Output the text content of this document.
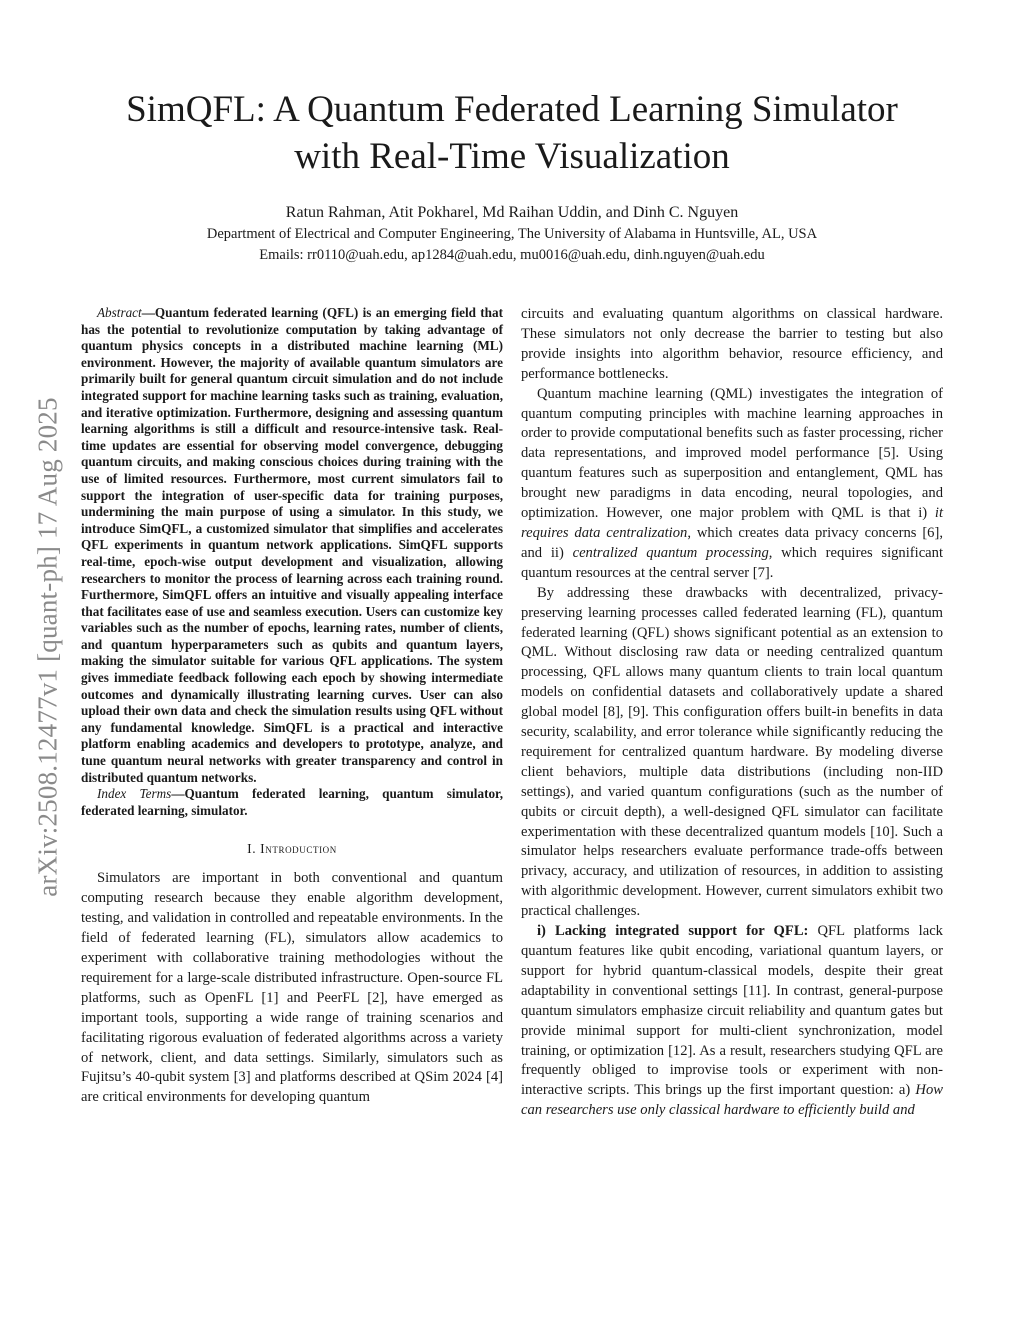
arXiv:2508.12477v1 [quant-ph] 17 Aug 2025
SimQFL: A Quantum Federated Learning Simulator
with Real-Time Visualization
Ratun Rahman, Atit Pokharel, Md Raihan Uddin, and Dinh C. Nguyen
Department of Electrical and Computer Engineering, The University of Alabama in Huntsville, AL, USA
Emails: rr0110@uah.edu, ap1284@uah.edu, mu0016@uah.edu, dinh.nguyen@uah.edu

Abstract—Quantum federated learning (QFL) is an emerging field that has the potential to revolutionize computation by taking advantage of quantum physics concepts in a distributed machine learning (ML) environment. However, the majority of available quantum simulators are primarily built for general quantum circuit simulation and do not include integrated support for machine learning tasks such as training, evaluation, and iterative optimization. Furthermore, designing and assessing quantum learning algorithms is still a difficult and resource-intensive task. Real-time updates are essential for observing model convergence, debugging quantum circuits, and making conscious choices during training with the use of limited resources. Furthermore, most current simulators fail to support the integration of user-specific data for training purposes, undermining the main purpose of using a simulator. In this study, we introduce SimQFL, a customized simulator that simplifies and accelerates QFL experiments in quantum network applications. SimQFL supports real-time, epoch-wise output development and visualization, allowing researchers to monitor the process of learning across each training round. Furthermore, SimQFL offers an intuitive and visually appealing interface that facilitates ease of use and seamless execution. Users can customize key variables such as the number of epochs, learning rates, number of clients, and quantum hyperparameters such as qubits and quantum layers, making the simulator suitable for various QFL applications. The system gives immediate feedback following each epoch by showing intermediate outcomes and dynamically illustrating learning curves. User can also upload their own data and check the simulation results using QFL without any fundamental knowledge. SimQFL is a practical and interactive platform enabling academics and developers to prototype, analyze, and tune quantum neural networks with greater transparency and control in distributed quantum networks.

Index Terms—Quantum federated learning, quantum simulator, federated learning, simulator.

I. Introduction

Simulators are important in both conventional and quantum computing research because they enable algorithm development, testing, and validation in controlled and repeatable environments. In the field of federated learning (FL), simulators allow academics to experiment with collaborative training methodologies without the requirement for a large-scale distributed infrastructure. Open-source FL platforms, such as OpenFL [1] and PeerFL [2], have emerged as important tools, supporting a wide range of training scenarios and facilitating rigorous evaluation of federated algorithms across a variety of network, client, and data settings. Similarly, simulators such as Fujitsu’s 40-qubit system [3] and platforms described at QSim 2024 [4] are critical environments for developing quantum

circuits and evaluating quantum algorithms on classical hardware. These simulators not only decrease the barrier to testing but also provide insights into algorithm behavior, resource efficiency, and performance bottlenecks.

Quantum machine learning (QML) investigates the integration of quantum computing principles with machine learning approaches in order to provide computational benefits such as faster processing, richer data representations, and improved model performance [5]. Using quantum features such as superposition and entanglement, QML has brought new paradigms in data encoding, neural topologies, and optimization. However, one major problem with QML is that i) it requires data centralization, which creates data privacy concerns [6], and ii) centralized quantum processing, which requires significant quantum resources at the central server [7].

By addressing these drawbacks with decentralized, privacy-preserving learning processes called federated learning (FL), quantum federated learning (QFL) shows significant potential as an extension to QML. Without disclosing raw data or needing centralized quantum processing, QFL allows many quantum clients to train local quantum models on confidential datasets and collaboratively update a shared global model [8], [9]. This configuration offers built-in benefits in data security, scalability, and error tolerance while significantly reducing the requirement for centralized quantum hardware. By modeling diverse client behaviors, multiple data distributions (including non-IID settings), and varied quantum configurations (such as the number of qubits or circuit depth), a well-designed QFL simulator can facilitate experimentation with these decentralized quantum models [10]. Such a simulator helps researchers evaluate performance trade-offs between privacy, accuracy, and utilization of resources, in addition to assisting with algorithmic development. However, current simulators exhibit two practical challenges.

i) Lacking integrated support for QFL: QFL platforms lack quantum features like qubit encoding, variational quantum layers, or support for hybrid quantum-classical models, despite their great adaptability in conventional settings [11]. In contrast, general-purpose quantum simulators emphasize circuit reliability and quantum gates but provide minimal support for multi-client synchronization, model training, or optimization [12]. As a result, researchers studying QFL are frequently obliged to improvise tools or experiment with non-interactive scripts. This brings up the first important question: a) How can researchers use only classical hardware to efficiently build and
